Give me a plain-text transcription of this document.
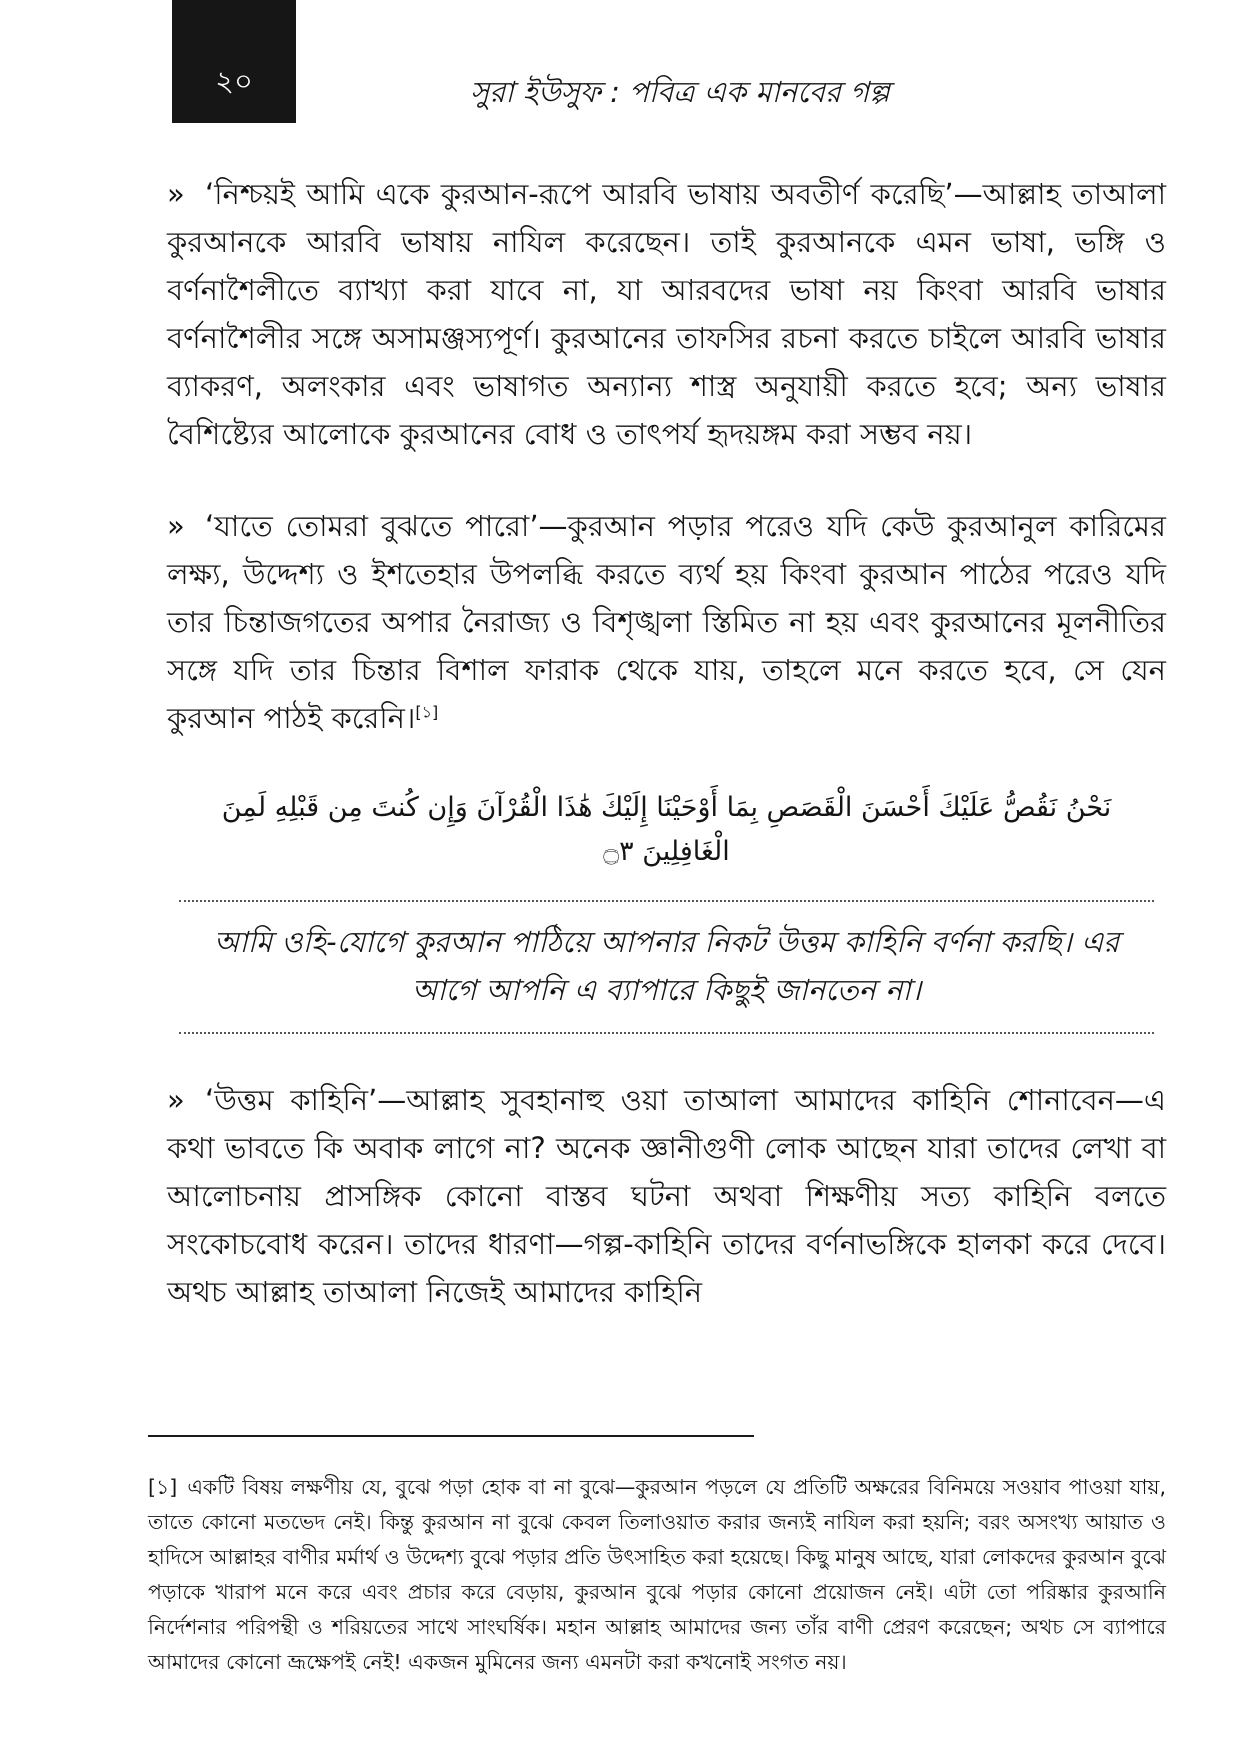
২০	সুরা ইউসুফ : পবিত্র এক মানবের গল্প

» ‘নিশ্চয়ই আমি একে কুরআন-রূপে আরবি ভাষায় অবতীর্ণ করেছি’—আল্লাহ তাআলা কুরআনকে আরবি ভাষায় নাযিল করেছেন। তাই কুরআনকে এমন ভাষা, ভঙ্গি ও বর্ণনাশৈলীতে ব্যাখ্যা করা যাবে না, যা আরবদের ভাষা নয় কিংবা আরবি ভাষার বর্ণনাশৈলীর সঙ্গে অসামঞ্জস্যপূর্ণ। কুরআনের তাফসির রচনা করতে চাইলে আরবি ভাষার ব্যাকরণ, অলংকার এবং ভাষাগত অন্যান্য শাস্ত্র অনুযায়ী করতে হবে; অন্য ভাষার বৈশিষ্ট্যের আলোকে কুরআনের বোধ ও তাৎপর্য হৃদয়ঙ্গম করা সম্ভব নয়।

» ‘যাতে তোমরা বুঝতে পারো’—কুরআন পড়ার পরেও যদি কেউ কুরআনুল কারিমের লক্ষ্য, উদ্দেশ্য ও ইশতেহার উপলব্ধি করতে ব্যর্থ হয় কিংবা কুরআন পাঠের পরেও যদি তার চিন্তাজগতের অপার নৈরাজ্য ও বিশৃঙ্খলা স্তিমিত না হয় এবং কুরআনের মূলনীতির সঙ্গে যদি তার চিন্তার বিশাল ফারাক থেকে যায়, তাহলে মনে করতে হবে, সে যেন কুরআন পাঠই করেনি।[১]

نَحْنُ نَقُصُّ عَلَيْكَ أَحْسَنَ الْقَصَصِ بِمَا أَوْحَيْنَا إِلَيْكَ هَٰذَا الْقُرْآنَ وَإِن كُنتَ مِن قَبْلِهِ لَمِنَ الْغَافِلِينَ ۝٣
আমি ওহি-যোগে কুরআন পাঠিয়ে আপনার নিকট উত্তম কাহিনি বর্ণনা করছি। এর আগে আপনি এ ব্যাপারে কিছুই জানতেন না।

» ‘উত্তম কাহিনি’—আল্লাহ সুবহানাহু ওয়া তাআলা আমাদের কাহিনি শোনাবেন—এ কথা ভাবতে কি অবাক লাগে না? অনেক জ্ঞানীগুণী লোক আছেন যারা তাদের লেখা বা আলোচনায় প্রাসঙ্গিক কোনো বাস্তব ঘটনা অথবা শিক্ষণীয় সত্য কাহিনি বলতে সংকোচবোধ করেন। তাদের ধারণা—গল্প-কাহিনি তাদের বর্ণনাভঙ্গিকে হালকা করে দেবে। অথচ আল্লাহ তাআলা নিজেই আমাদের কাহিনি

[১] একটি বিষয় লক্ষণীয় যে, বুঝে পড়া হোক বা না বুঝে—কুরআন পড়লে যে প্রতিটি অক্ষরের বিনিময়ে সওয়াব পাওয়া যায়, তাতে কোনো মতভেদ নেই। কিন্তু কুরআন না বুঝে কেবল তিলাওয়াত করার জন্যই নাযিল করা হয়নি; বরং অসংখ্য আয়াত ও হাদিসে আল্লাহর বাণীর মর্মার্থ ও উদ্দেশ্য বুঝে পড়ার প্রতি উৎসাহিত করা হয়েছে। কিছু মানুষ আছে, যারা লোকদের কুরআন বুঝে পড়াকে খারাপ মনে করে এবং প্রচার করে বেড়ায়, কুরআন বুঝে পড়ার কোনো প্রয়োজন নেই। এটা তো পরিষ্কার কুরআনি নির্দেশনার পরিপন্থী ও শরিয়তের সাথে সাংঘর্ষিক। মহান আল্লাহ আমাদের জন্য তাঁর বাণী প্রেরণ করেছেন; অথচ সে ব্যাপারে আমাদের কোনো ভ্রূক্ষেপই নেই! একজন মুমিনের জন্য এমনটা করা কখনোই সংগত নয়।
